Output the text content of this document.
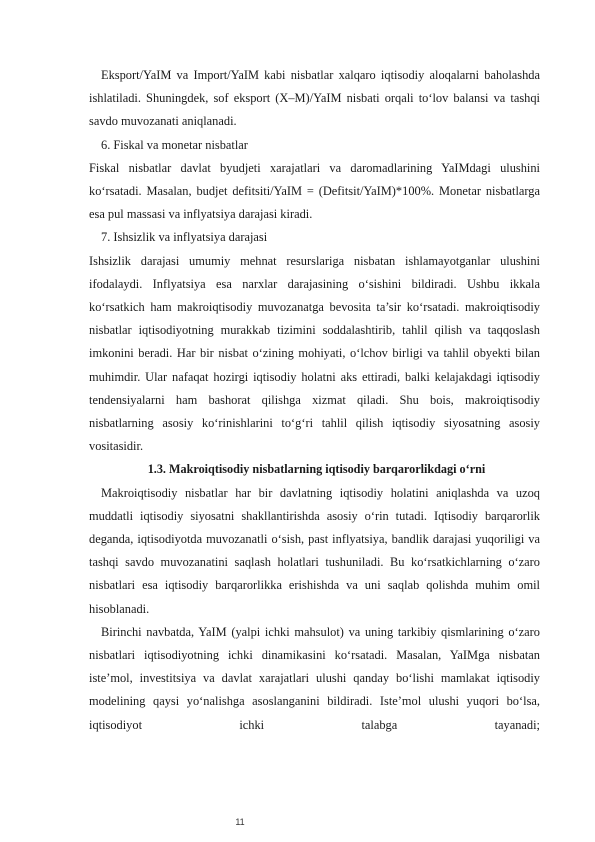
Eksport/YaIM va Import/YaIM kabi nisbatlar xalqaro iqtisodiy aloqalarni baholashda ishlatiladi. Shuningdek, sof eksport (X–M)/YaIM nisbati orqali to‘lov balansi va tashqi savdo muvozanati aniqlanadi.

6. Fiskal va monetar nisbatlar

Fiskal nisbatlar davlat byudjeti xarajatlari va daromadlarining YaIMdagi ulushini ko‘rsatadi. Masalan, budjet defitsiti/YaIM = (Defitsit/YaIM)*100%. Monetar nisbatlarga esa pul massasi va inflyatsiya darajasi kiradi.

7. Ishsizlik va inflyatsiya darajasi

Ishsizlik darajasi umumiy mehnat resurslariga nisbatan ishlamayotganlar ulushini ifodalaydi. Inflyatsiya esa narxlar darajasining o‘sishini bildiradi. Ushbu ikkala ko‘rsatkich ham makroiqtisodiy muvozanatga bevosita ta’sir ko‘rsatadi. makroiqtisodiy nisbatlar iqtisodiyotning murakkab tizimini soddalashtirib, tahlil qilish va taqqoslash imkonini beradi. Har bir nisbat o‘zining mohiyati, o‘lchov birligi va tahlil obyekti bilan muhimdir. Ular nafaqat hozirgi iqtisodiy holatni aks ettiradi, balki kelajakdagi iqtisodiy tendensiyalarni ham bashorat qilishga xizmat qiladi. Shu bois, makroiqtisodiy nisbatlarning asosiy ko‘rinishlarini to‘g‘ri tahlil qilish iqtisodiy siyosatning asosiy vositasidir.

1.3. Makroiqtisodiy nisbatlarning iqtisodiy barqarorlikdagi o‘rni

Makroiqtisodiy nisbatlar har bir davlatning iqtisodiy holatini aniqlashda va uzoq muddatli iqtisodiy siyosatni shakllantirishda asosiy o‘rin tutadi. Iqtisodiy barqarorlik deganda, iqtisodiyotda muvozanatli o‘sish, past inflyatsiya, bandlik darajasi yuqoriligi va tashqi savdo muvozanatini saqlash holatlari tushuniladi. Bu ko‘rsatkichlarning o‘zaro nisbatlari esa iqtisodiy barqarorlikka erishishda va uni saqlab qolishda muhim omil hisoblanadi.

Birinchi navbatda, YaIM (yalpi ichki mahsulot) va uning tarkibiy qismlarining o‘zaro nisbatlari iqtisodiyotning ichki dinamikasini ko‘rsatadi. Masalan, YaIMga nisbatan iste’mol, investitsiya va davlat xarajatlari ulushi qanday bo‘lishi mamlakat iqtisodiy modelining qaysi yo‘nalishga asoslanganini bildiradi. Iste’mol ulushi yuqori bo‘lsa, iqtisodiyot ichki talabga tayanadi;

11
